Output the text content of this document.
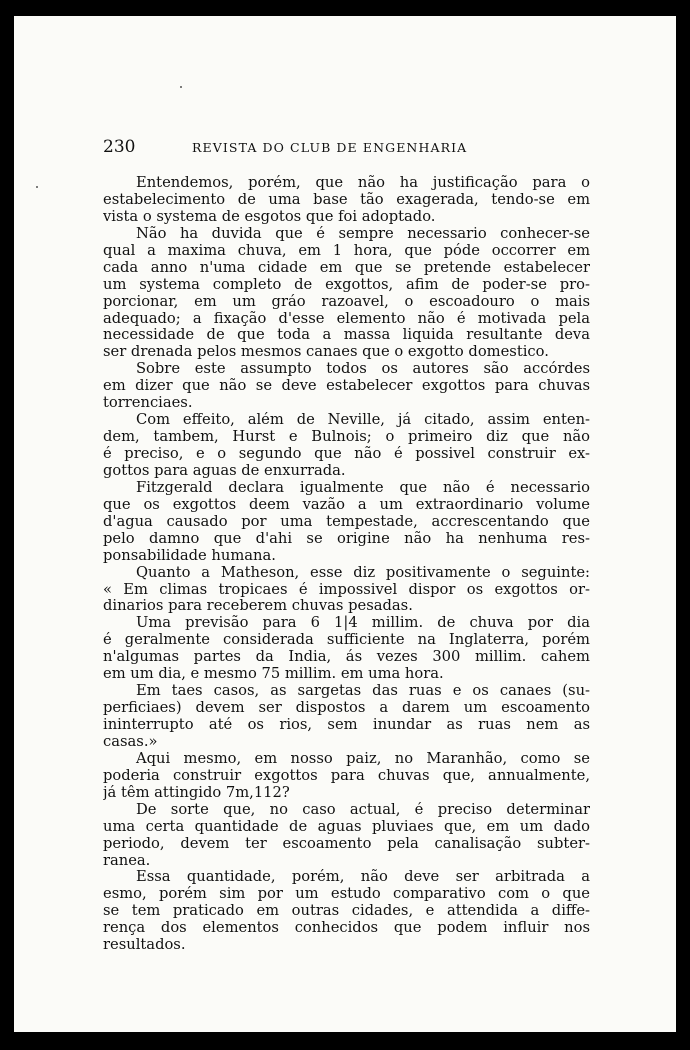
230	REVISTA DO CLUB DE ENGENHARIA
Entendemos, porém, que não ha justificação para o
estabelecimento de uma base tão exagerada, tendo-se em
vista o systema de esgotos que foi adoptado.
Não ha duvida que é sempre necessario conhecer-se
qual a maxima chuva, em 1 hora, que póde occorrer em
cada anno n'uma cidade em que se pretende estabelecer
um systema completo de exgottos, afim de poder-se pro-
porcionar, em um gráo razoavel, o escoadouro o mais
adequado; a fixação d'esse elemento não é motivada pela
necessidade de que toda a massa liquida resultante deva
ser drenada pelos mesmos canaes que o exgotto domestico.
Sobre este assumpto todos os autores são accórdes
em dizer que não se deve estabelecer exgottos para chuvas
torrenciaes.
Com effeito, além de Neville, já citado, assim enten-
dem, tambem, Hurst e Bulnois; o primeiro diz que não
é preciso, e o segundo que não é possivel construir ex-
gottos para aguas de enxurrada.
Fitzgerald declara igualmente que não é necessario
que os exgottos deem vazão a um extraordinario volume
d'agua causado por uma tempestade, accrescentando que
pelo damno que d'ahi se origine não ha nenhuma res-
ponsabilidade humana.
Quanto a Matheson, esse diz positivamente o seguinte:
« Em climas tropicaes é impossivel dispor os exgottos or-
dinarios para receberem chuvas pesadas.
Uma previsão para 6 1|4 millim. de chuva por dia
é geralmente considerada sufficiente na Inglaterra, porém
n'algumas partes da India, ás vezes 300 millim. cahem
em um dia, e mesmo 75 millim. em uma hora.
Em taes casos, as sargetas das ruas e os canaes (su-
perficiaes) devem ser dispostos a darem um escoamento
ininterrupto até os rios, sem inundar as ruas nem as
casas.»
Aqui mesmo, em nosso paiz, no Maranhão, como se
poderia construir exgottos para chuvas que, annualmente,
já têm attingido 7m,112?
De sorte que, no caso actual, é preciso determinar
uma certa quantidade de aguas pluviaes que, em um dado
periodo, devem ter escoamento pela canalisação subter-
ranea.
Essa quantidade, porém, não deve ser arbitrada a
esmo, porém sim por um estudo comparativo com o que
se tem praticado em outras cidades, e attendida a diffe-
rença dos elementos conhecidos que podem influir nos
resultados.
